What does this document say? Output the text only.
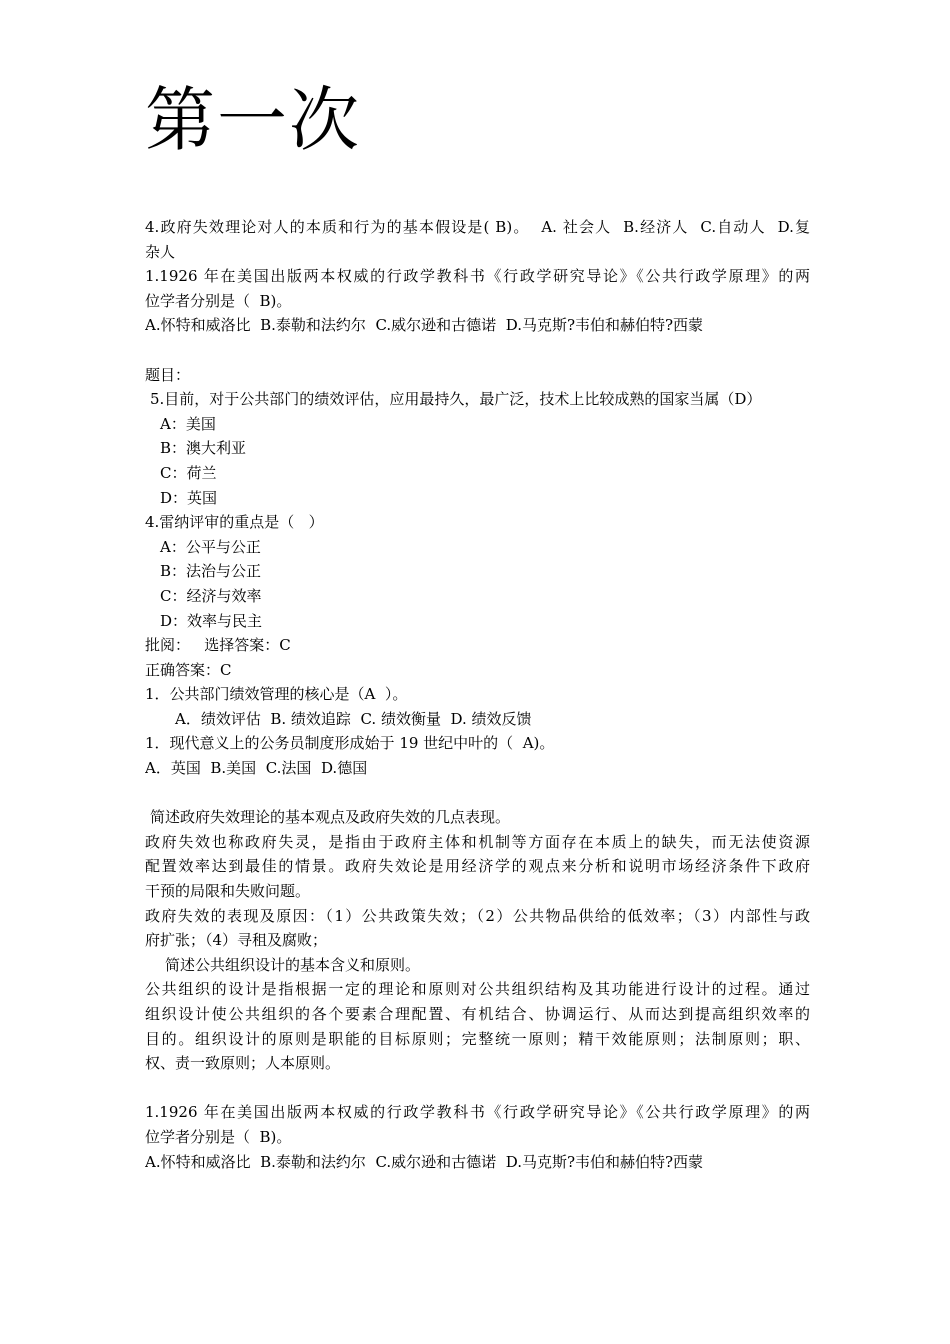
第一次
4.政府失效理论对人的本质和行为的基本假设是( B)。  A. 社会人  B.经济人  C.自动人  D.复
杂人
1.1926 年在美国出版两本权威的行政学教科书《行政学研究导论》《公共行政学原理》的两
位学者分别是（  B)。
A.怀特和威洛比  B.泰勒和法约尔  C.威尔逊和古德诺  D.马克斯?韦伯和赫伯特?西蒙
题目：
5.目前，对于公共部门的绩效评估，应用最持久，最广泛，技术上比较成熟的国家当属（D）
A：美国
B：澳大利亚
C：荷兰
D：英国
4.雷纳评审的重点是（   ）
A：公平与公正
B：法治与公正
C：经济与效率
D：效率与民主
批阅：   选择答案：C
正确答案：C
1．公共部门绩效管理的核心是（A  ）。
A．绩效评估  B. 绩效追踪  C. 绩效衡量  D. 绩效反馈
1．现代意义上的公务员制度形成始于 19 世纪中叶的（  A)。
A．英国  B.美国  C.法国  D.德国
简述政府失效理论的基本观点及政府失效的几点表现。
政府失效也称政府失灵，是指由于政府主体和机制等方面存在本质上的缺失，而无法使资源
配置效率达到最佳的情景。政府失效论是用经济学的观点来分析和说明市场经济条件下政府
干预的局限和失败问题。
政府失效的表现及原因：（1）公共政策失效；（2）公共物品供给的低效率；（3）内部性与政
府扩张；（4）寻租及腐败；
简述公共组织设计的基本含义和原则。
公共组织的设计是指根据一定的理论和原则对公共组织结构及其功能进行设计的过程。通过
组织设计使公共组织的各个要素合理配置、有机结合、协调运行、从而达到提高组织效率的
目的。组织设计的原则是职能的目标原则；完整统一原则；精干效能原则；法制原则；职、
权、责一致原则；人本原则。
1.1926 年在美国出版两本权威的行政学教科书《行政学研究导论》《公共行政学原理》的两
位学者分别是（  B)。
A.怀特和威洛比  B.泰勒和法约尔  C.威尔逊和古德诺  D.马克斯?韦伯和赫伯特?西蒙
